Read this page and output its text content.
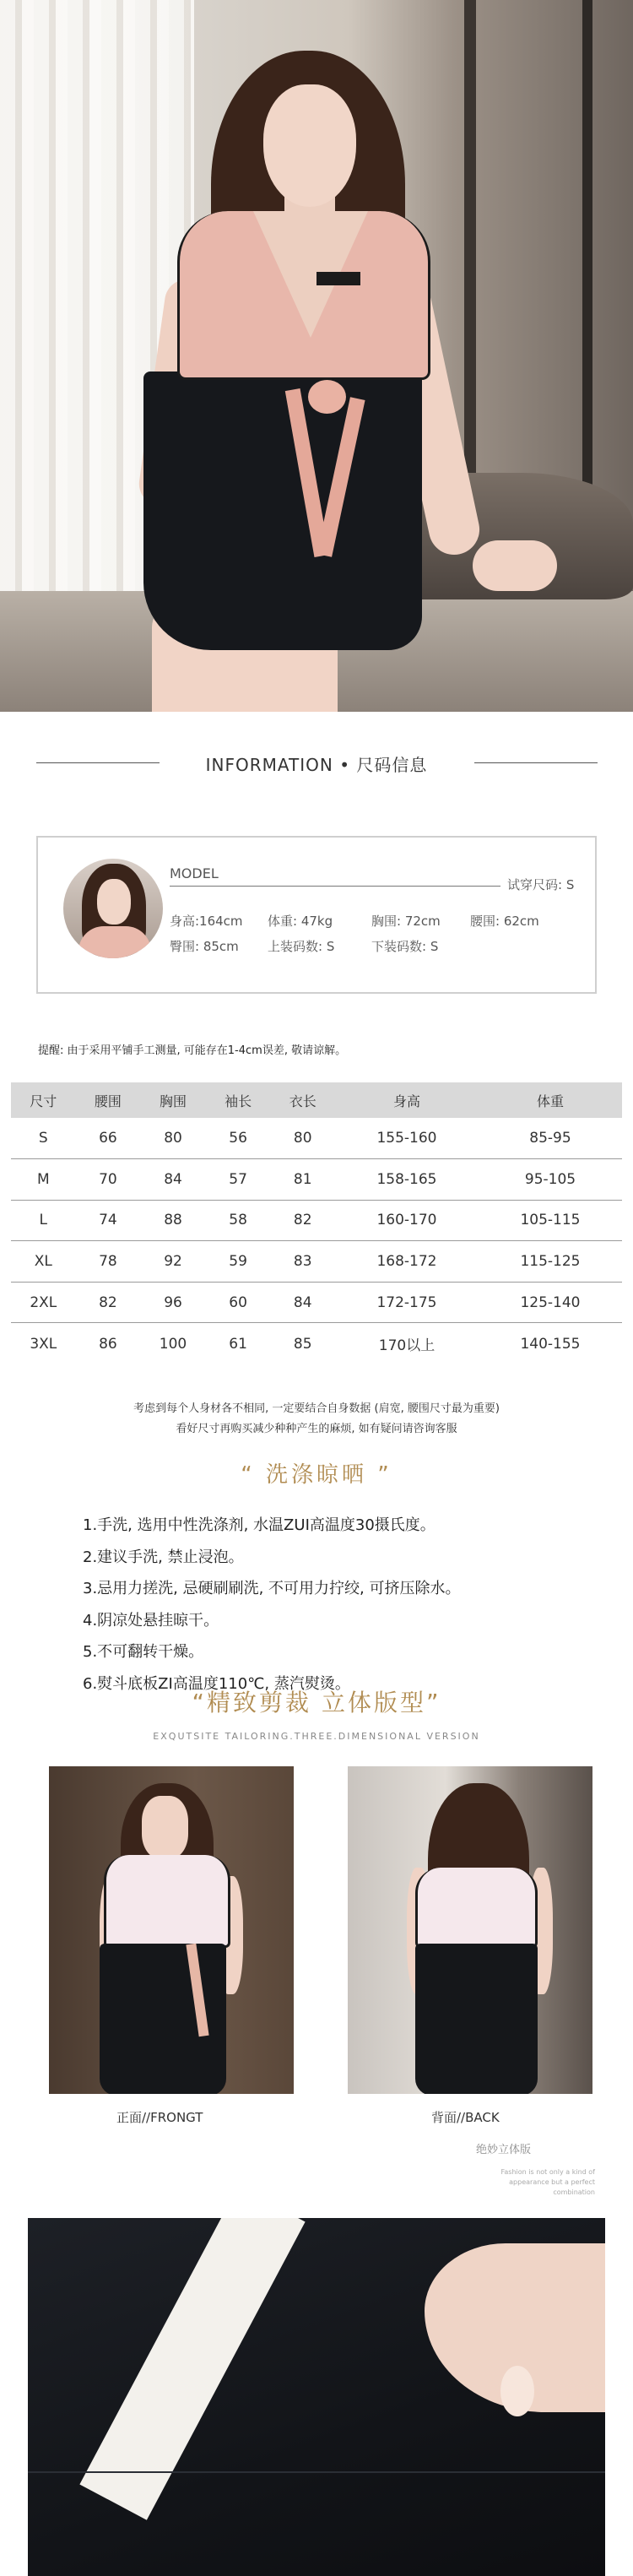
INFORMATION • 尺码信息
MODEL
试穿尺码: S
身高:164cm 体重: 47kg	胸围: 72cm 腰围: 62cm
臀围: 85cm 上装码数: S	下装码数: S
提醒: 由于采用平铺手工测量, 可能存在1-4cm误差, 敬请谅解。
尺寸	腰围	胸围	袖长	衣长	身高	体重
S	66	80	56	80	155-160	85-95
M	70	84	57	81	158-165	95-105
L	74	88	58	82	160-170	105-115
XL	78	92	59	83	168-172	115-125
2XL	82	96	60	84	172-175	125-140
3XL	86	100	61	85	170以上	140-155
考虑到每个人身材各不相同, 一定要结合自身数据 (肩宽, 腰围尺寸最为重要)
看好尺寸再购买减少种种产生的麻烦, 如有疑问请咨询客服
“ 洗涤晾晒 ”
1.手洗, 选用中性洗涤剂, 水温ZUI高温度30摄氏度。
2.建议手洗, 禁止浸泡。
3.忌用力搓洗, 忌硬刷刷洗, 不可用力拧绞, 可挤压除水。
4.阴凉处悬挂晾干。
5.不可翻转干燥。
6.熨斗底板ZI高温度110℃, 蒸汽熨烫。
“精致剪裁 立体版型”
EXQUTSITE TAILORING.THREE.DIMENSIONAL VERSION
正面//FRONGT	背面//BACK
绝妙立体版
Fashion is not only a kind of appearance but a perfect combination
